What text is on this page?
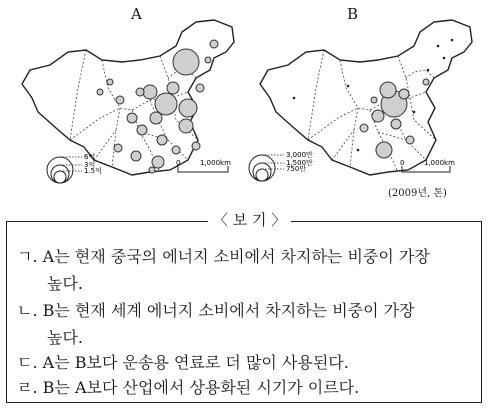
A	B
6억
3억
1.5억
0	1,000km
3,000만
1,500만
750만
0	1,000km
(2009년, 톤)
〈 보 기 〉
ㄱ. A는 현재 중국의 에너지 소비에서 차지하는 비중이 가장
높다.
ㄴ. B는 현재 세계 에너지 소비에서 차지하는 비중이 가장
높다.
ㄷ. A는 B보다 운송용 연료로 더 많이 사용된다.
ㄹ. B는 A보다 산업에서 상용화된 시기가 이르다.
